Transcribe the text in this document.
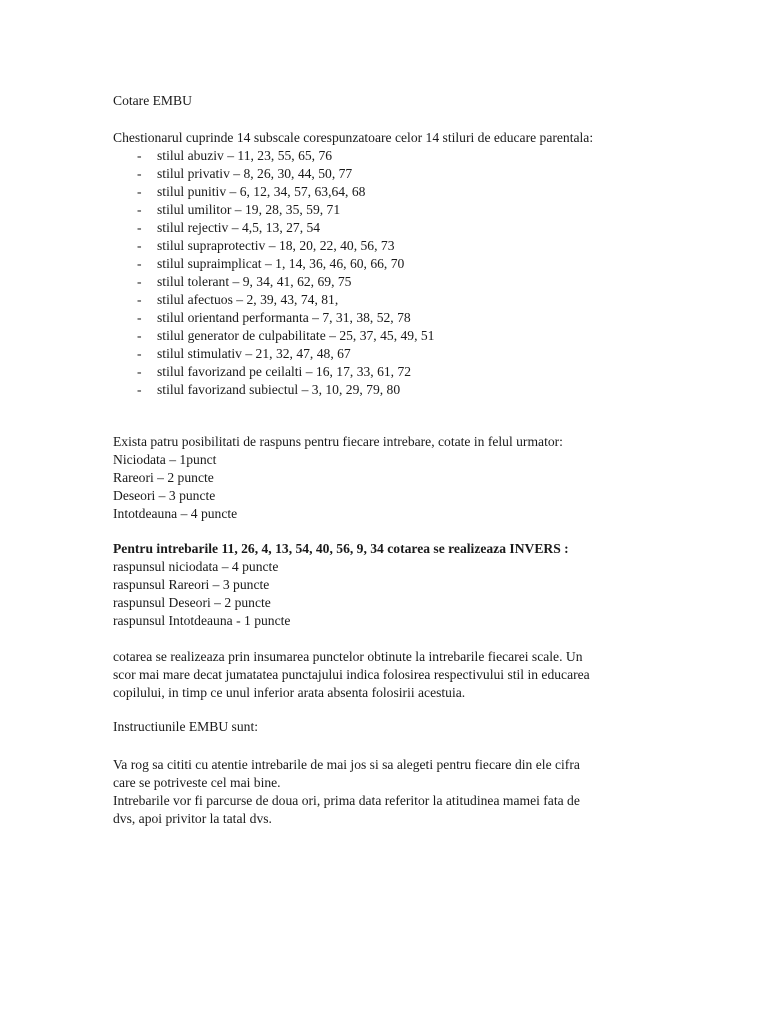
Cotare EMBU
Chestionarul cuprinde 14 subscale corespunzatoare celor 14 stiluri de educare parentala:
- stilul abuziv – 11, 23, 55, 65, 76
- stilul privativ – 8, 26, 30, 44, 50, 77
- stilul punitiv – 6, 12, 34, 57, 63,64, 68
- stilul umilitor – 19, 28, 35, 59, 71
- stilul rejectiv – 4,5, 13, 27, 54
- stilul supraprotectiv – 18, 20, 22, 40, 56, 73
- stilul supraimplicat – 1, 14, 36, 46, 60, 66, 70
- stilul tolerant – 9, 34, 41, 62, 69, 75
- stilul afectuos – 2, 39, 43, 74, 81,
- stilul orientand performanta – 7, 31, 38, 52, 78
- stilul generator de culpabilitate – 25, 37, 45, 49, 51
- stilul stimulativ – 21, 32, 47, 48, 67
- stilul favorizand pe ceilalti – 16, 17, 33, 61, 72
- stilul favorizand subiectul – 3, 10, 29, 79, 80
Exista patru posibilitati de raspuns pentru fiecare intrebare, cotate in felul urmator:
Niciodata – 1punct
Rareori – 2 puncte
Deseori – 3 puncte
Intotdeauna – 4 puncte
Pentru intrebarile 11, 26, 4, 13, 54, 40, 56, 9, 34 cotarea se realizeaza INVERS :
raspunsul niciodata – 4 puncte
raspunsul Rareori – 3 puncte
raspunsul Deseori – 2 puncte
raspunsul Intotdeauna - 1 puncte
cotarea se realizeaza prin insumarea punctelor obtinute la intrebarile fiecarei scale. Un
scor mai mare decat jumatatea punctajului indica folosirea respectivului stil in educarea
copilului, in timp ce unul inferior arata absenta folosirii acestuia.
Instructiunile EMBU sunt:
Va rog sa cititi cu atentie intrebarile de mai jos si sa alegeti pentru fiecare din ele cifra
care se potriveste cel mai bine.
Intrebarile vor fi parcurse de doua ori, prima data referitor la atitudinea mamei fata de
dvs, apoi privitor la tatal dvs.
